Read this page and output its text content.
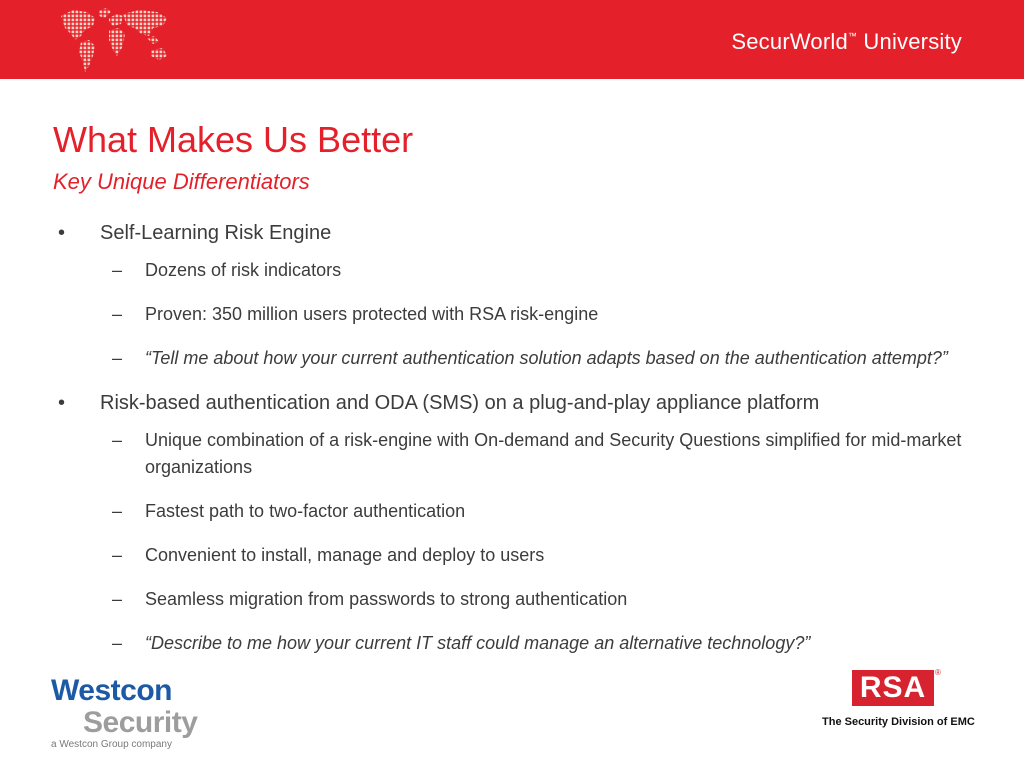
SecurWorld™ University
What Makes Us Better
Key Unique Differentiators
• Self-Learning Risk Engine
– Dozens of risk indicators
– Proven: 350 million users protected with RSA risk-engine
– “Tell me about how your current authentication solution adapts based on the authentication attempt?”
• Risk-based authentication and ODA (SMS) on a plug-and-play appliance platform
– Unique combination of a risk-engine with On-demand and Security Questions simplified for mid-market organizations
– Fastest path to two-factor authentication
– Convenient to install, manage and deploy to users
– Seamless migration from passwords to strong authentication
– “Describe to me how your current IT staff could manage an alternative technology?”
Westcon
Security
a Westcon Group company
RSA	®
The Security Division of EMC
